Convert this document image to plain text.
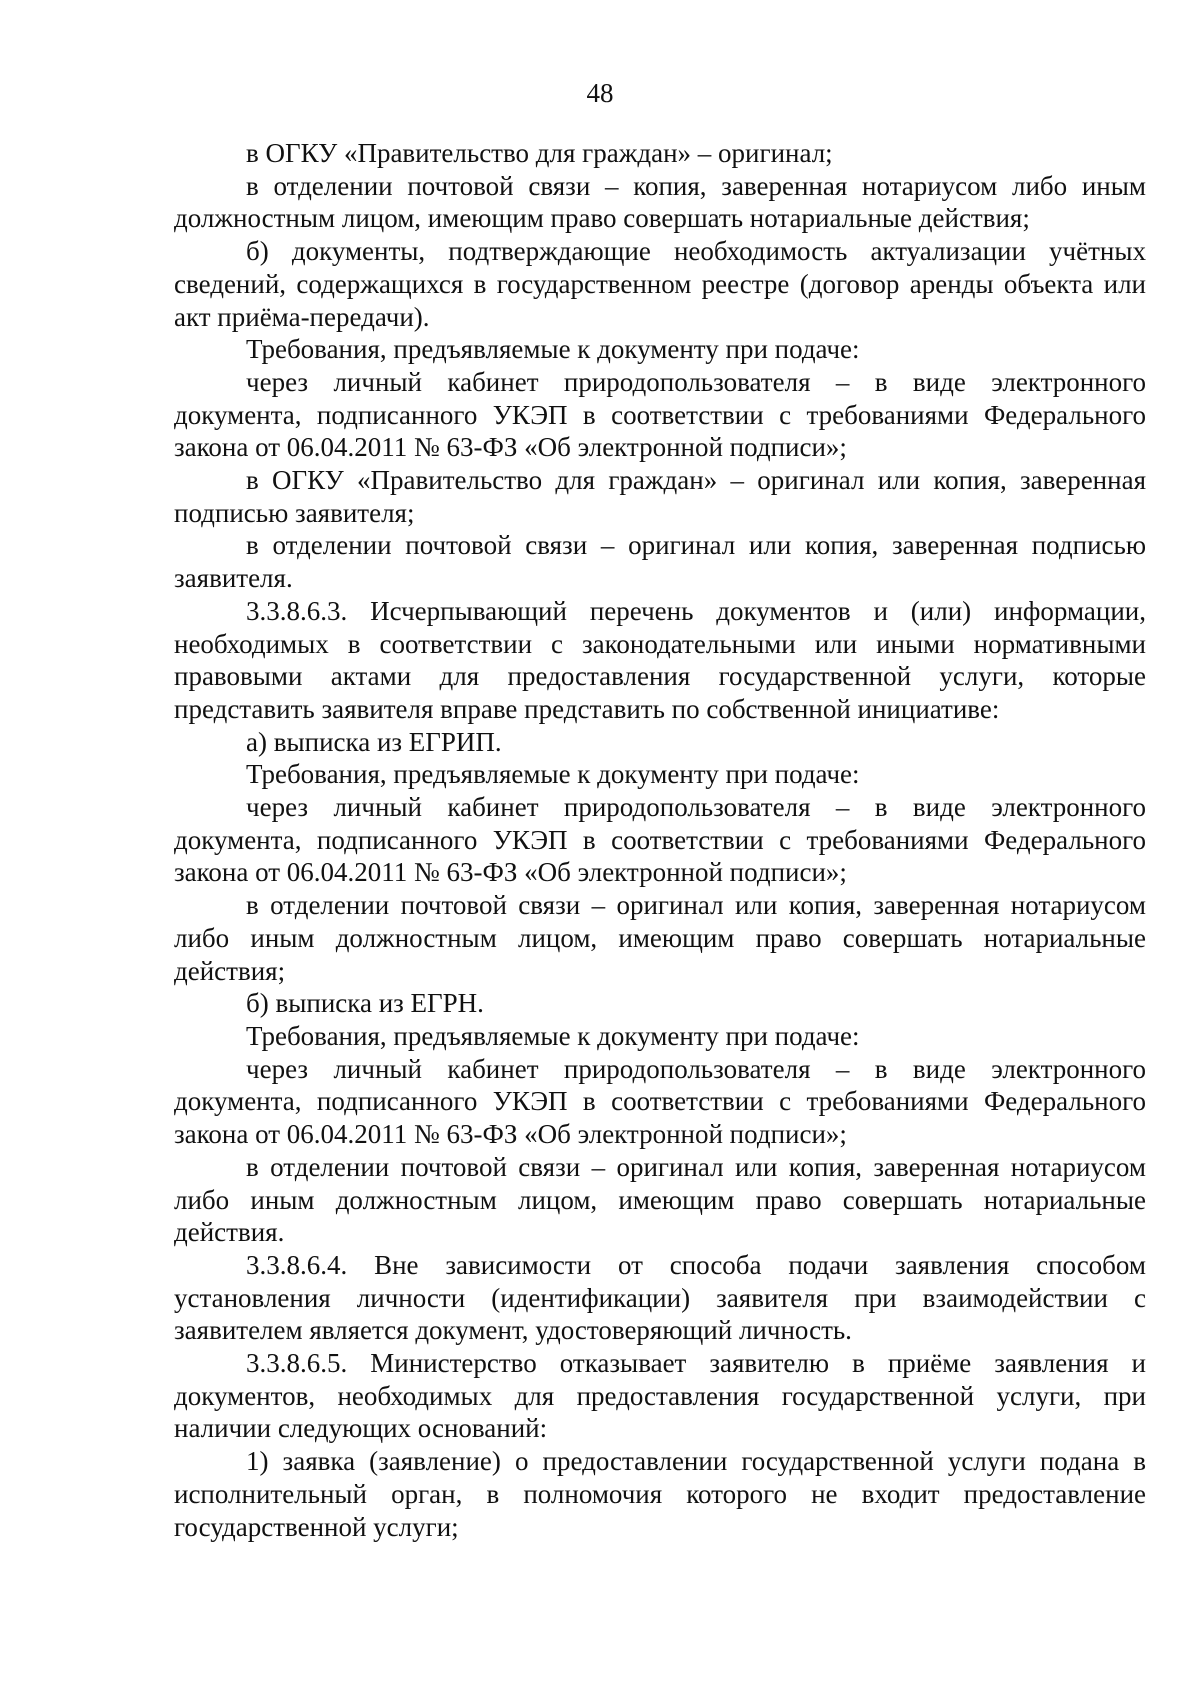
48

в ОГКУ «Правительство для граждан» – оригинал;

в отделении почтовой связи – копия, заверенная нотариусом либо иным должностным лицом, имеющим право совершать нотариальные действия;

б) документы, подтверждающие необходимость актуализации учётных сведений, содержащихся в государственном реестре (договор аренды объекта или акт приёма-передачи).

Требования, предъявляемые к документу при подаче:

через личный кабинет природопользователя – в виде электронного документа, подписанного УКЭП в соответствии с требованиями Федерального закона от 06.04.2011 № 63-ФЗ «Об электронной подписи»;

в ОГКУ «Правительство для граждан» – оригинал или копия, заверенная подписью заявителя;

в отделении почтовой связи – оригинал или копия, заверенная подписью заявителя.

3.3.8.6.3. Исчерпывающий перечень документов и (или) информации, необходимых в соответствии с законодательными или иными нормативными правовыми актами для предоставления государственной услуги, которые представить заявителя вправе представить по собственной инициативе:

а) выписка из ЕГРИП.

Требования, предъявляемые к документу при подаче:

через личный кабинет природопользователя – в виде электронного документа, подписанного УКЭП в соответствии с требованиями Федерального закона от 06.04.2011 № 63-ФЗ «Об электронной подписи»;

в отделении почтовой связи – оригинал или копия, заверенная нотариусом либо иным должностным лицом, имеющим право совершать нотариальные действия;

б) выписка из ЕГРН.

Требования, предъявляемые к документу при подаче:

через личный кабинет природопользователя – в виде электронного документа, подписанного УКЭП в соответствии с требованиями Федерального закона от 06.04.2011 № 63-ФЗ «Об электронной подписи»;

в отделении почтовой связи – оригинал или копия, заверенная нотариусом либо иным должностным лицом, имеющим право совершать нотариальные действия.

3.3.8.6.4. Вне зависимости от способа подачи заявления способом установления личности (идентификации) заявителя при взаимодействии с заявителем является документ, удостоверяющий личность.

3.3.8.6.5. Министерство отказывает заявителю в приёме заявления и документов, необходимых для предоставления государственной услуги, при наличии следующих оснований:

1) заявка (заявление) о предоставлении государственной услуги подана в исполнительный орган, в полномочия которого не входит предоставление государственной услуги;
